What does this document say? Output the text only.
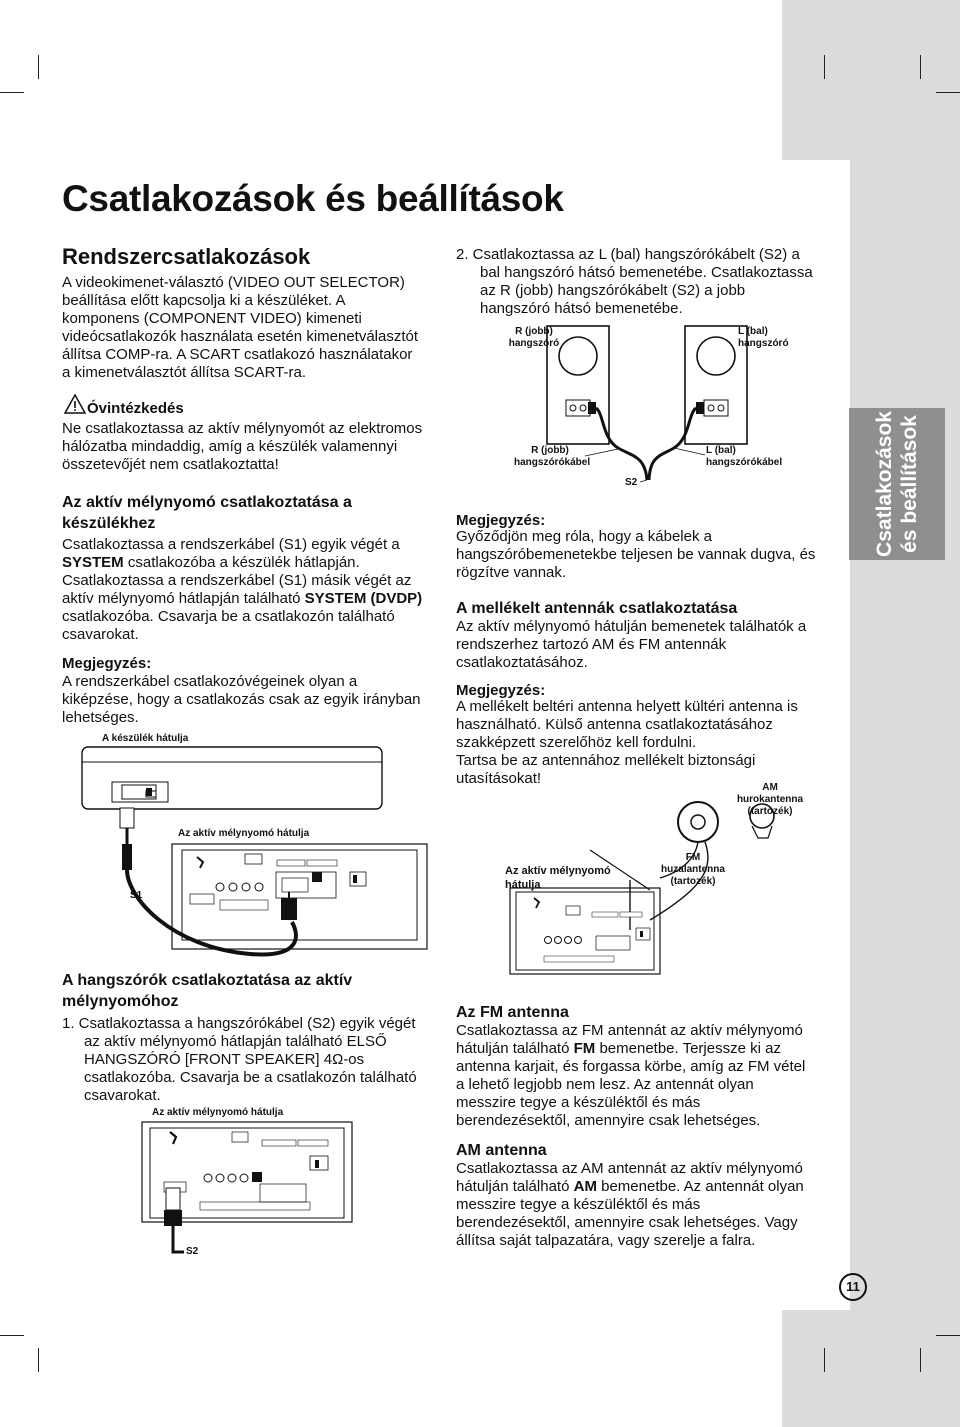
Csatlakozások és beállítások
Csatlakozások és beállítások
Rendszercsatlakozások
A videokimenet-választó (VIDEO OUT SELECTOR)
beállítása előtt kapcsolja ki a készüléket. A
komponens (COMPONENT VIDEO) kimeneti
videócsatlakozók használata esetén kimenetválasztót
állítsa COMP-ra. A SCART csatlakozó használatakor
a kimenetválasztót állítsa SCART-ra.
Óvintézkedés
Ne csatlakoztassa az aktív mélynyomót az elektromos
hálózatba mindaddig, amíg a készülék valamennyi
összetevőjét nem csatlakoztatta!
Az aktív mélynyomó csatlakoztatása a
készülékhez
Csatlakoztassa a rendszerkábel (S1) egyik végét a
SYSTEM csatlakozóba a készülék hátlapján.
Csatlakoztassa a rendszerkábel (S1) másik végét az
aktív mélynyomó hátlapján található SYSTEM (DVDP)
csatlakozóba. Csavarja be a csatlakozón található
csavarokat.
Megjegyzés:
A rendszerkábel csatlakozóvégeinek olyan a
kiképzése, hogy a csatlakozás csak az egyik irányban
lehetséges.
A készülék hátulja
Az aktív mélynyomó hátulja
S1
A hangszórók csatlakoztatása az aktív
mélynyomóhoz
1. Csatlakoztassa a hangszórókábel (S2) egyik végét
az aktív mélynyomó hátlapján található ELSŐ
HANGSZÓRÓ [FRONT SPEAKER] 4Ω-os
csatlakozóba. Csavarja be a csatlakozón található
csavarokat.
Az aktív mélynyomó hátulja
S2
2. Csatlakoztassa az L (bal) hangszórókábelt (S2) a
bal hangszóró hátsó bemenetébe. Csatlakoztassa
az R (jobb) hangszórókábelt (S2) a jobb
hangszóró hátsó bemenetébe.
R (jobb)
hangszóró
L (bal)
hangszóró
R (jobb)
hangszórókábel
L (bal)
hangszórókábel
S2
Megjegyzés:
Győződjön meg róla, hogy a kábelek a
hangszóróbemenetekbe teljesen be vannak dugva, és
rögzítve vannak.
A mellékelt antennák csatlakoztatása
Az aktív mélynyomó hátulján bemenetek találhatók a
rendszerhez tartozó AM és FM antennák
csatlakoztatásához.
Megjegyzés:
A mellékelt beltéri antenna helyett kültéri antenna is
használható. Külső antenna csatlakoztatásához
szakképzett szerelőhöz kell fordulni.
Tartsa be az antennához mellékelt biztonsági
utasításokat!
AM hurokantenna
(tartozék)
FM huzalantenna
(tartozék)
Az aktív mélynyomó
hátulja
Az FM antenna
Csatlakoztassa az FM antennát az aktív mélynyomó
hátulján található FM bemenetbe. Terjessze ki az
antenna karjait, és forgassa körbe, amíg az FM vétel
a lehető legjobb nem lesz. Az antennát olyan
messzire tegye a készüléktől és más
berendezésektől, amennyire csak lehetséges.
AM antenna
Csatlakoztassa az AM antennát az aktív mélynyomó
hátulján található AM bemenetbe. Az antennát olyan
messzire tegye a készüléktől és más
berendezésektől, amennyire csak lehetséges. Vagy
állítsa saját talpazatára, vagy szerelje a falra.
11
